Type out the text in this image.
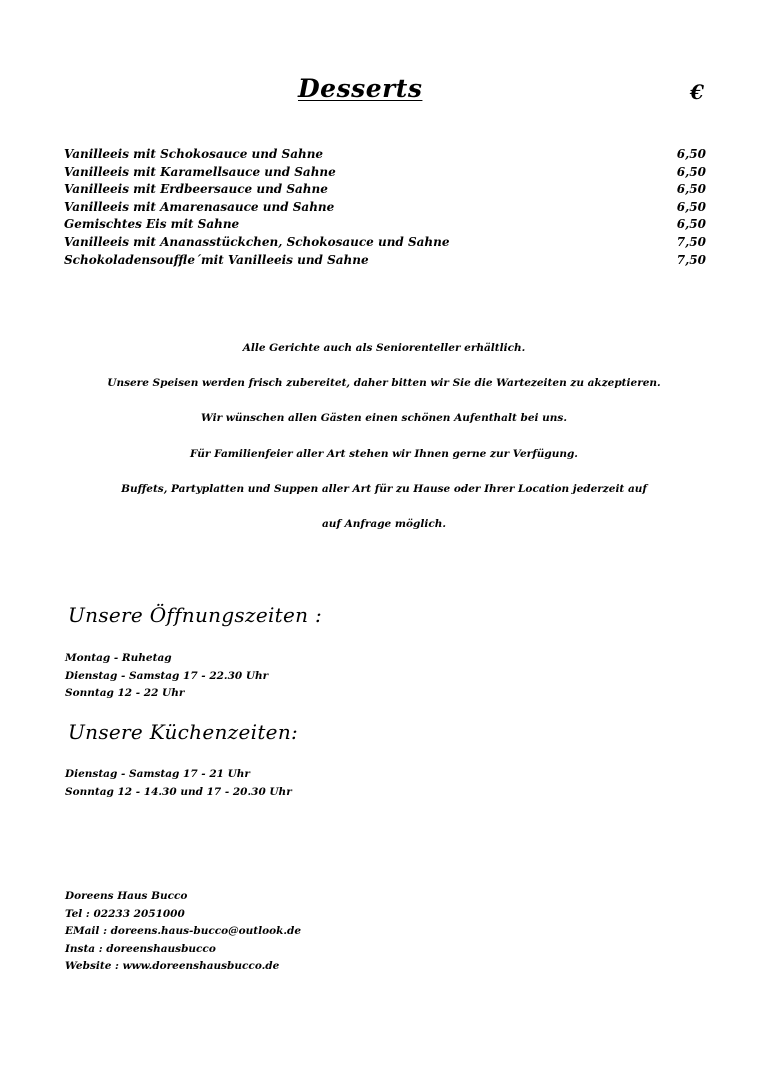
Desserts	€
Vanilleeis mit Schokosauce und Sahne	6,50
Vanilleeis mit Karamellsauce und Sahne	6,50
Vanilleeis mit Erdbeersauce und Sahne	6,50
Vanilleeis mit Amarenasauce und Sahne	6,50
Gemischtes Eis mit Sahne	6,50
Vanilleeis mit Ananasstückchen, Schokosauce und Sahne	7,50
Schokoladensouffle´mit Vanilleeis und Sahne	7,50
Alle Gerichte auch als Seniorenteller erhältlich.
Unsere Speisen werden frisch zubereitet, daher bitten wir Sie die Wartezeiten zu akzeptieren.
Wir wünschen allen Gästen einen schönen Aufenthalt bei uns.
Für Familienfeier aller Art stehen wir Ihnen gerne zur Verfügung.
Buffets, Partyplatten und Suppen aller Art für zu Hause oder Ihrer Location jederzeit auf
auf Anfrage möglich.
Unsere Öffnungszeiten :
Montag - Ruhetag
Dienstag - Samstag 17 - 22.30 Uhr
Sonntag 12 - 22 Uhr
Unsere Küchenzeiten:
Dienstag - Samstag 17 - 21 Uhr
Sonntag 12 - 14.30 und 17 - 20.30 Uhr
Doreens Haus Bucco
Tel : 02233 2051000
EMail : doreens.haus-bucco@outlook.de
Insta : doreenshausbucco
Website : www.doreenshausbucco.de
